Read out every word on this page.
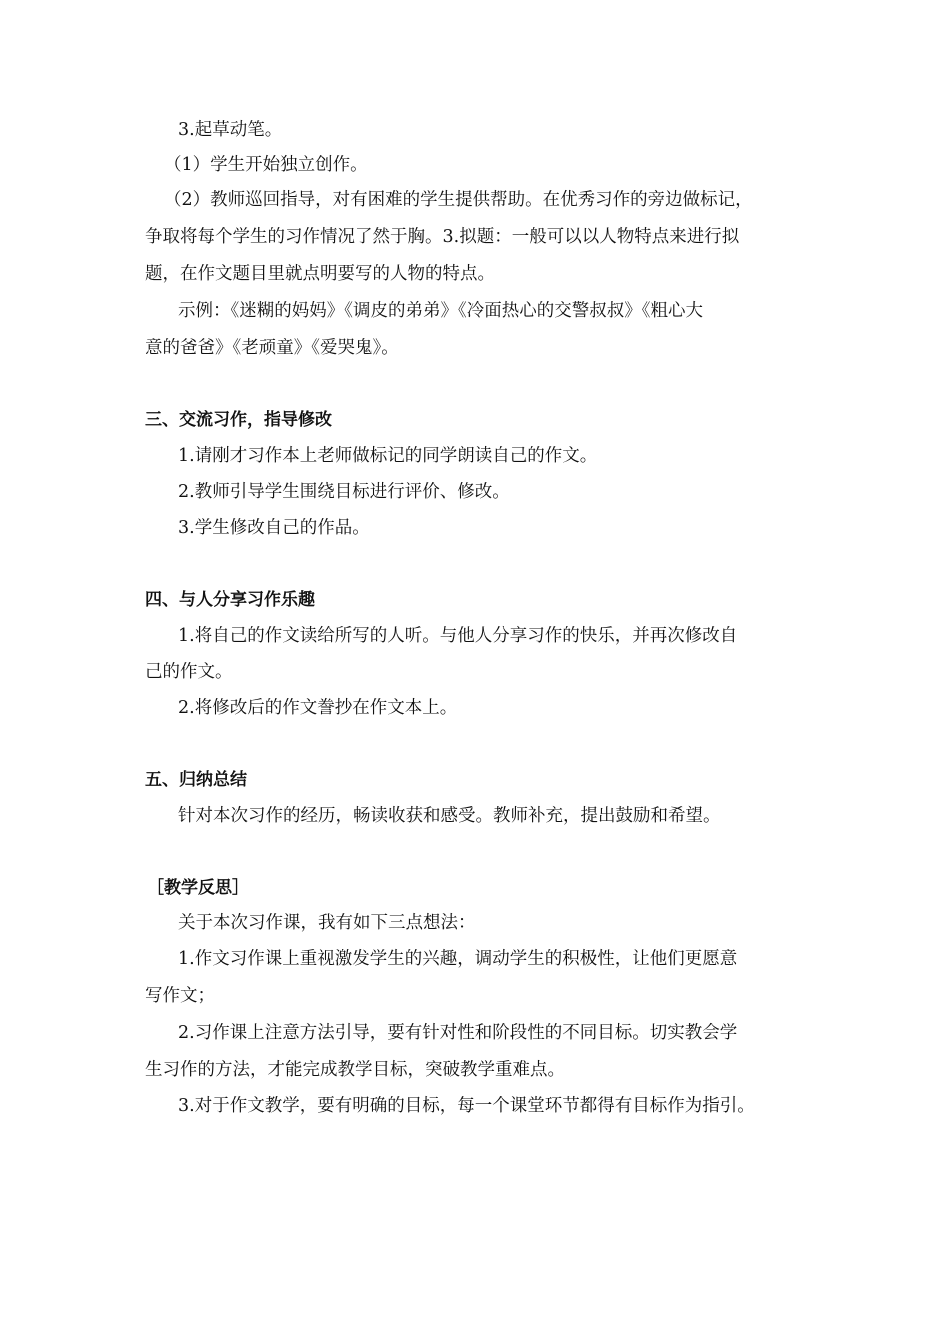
3.起草动笔。
（1）学生开始独立创作。
（2）教师巡回指导，对有困难的学生提供帮助。在优秀习作的旁边做标记，
争取将每个学生的习作情况了然于胸。3.拟题：一般可以以人物特点来进行拟
题，在作文题目里就点明要写的人物的特点。
示例：《迷糊的妈妈》《调皮的弟弟》《冷面热心的交警叔叔》《粗心大
意的爸爸》《老顽童》《爱哭鬼》。
三、交流习作，指导修改
1.请刚才习作本上老师做标记的同学朗读自己的作文。
2.教师引导学生围绕目标进行评价、修改。
3.学生修改自己的作品。
四、与人分享习作乐趣
1.将自己的作文读给所写的人听。与他人分享习作的快乐，并再次修改自
己的作文。
2.将修改后的作文誊抄在作文本上。
五、归纳总结
针对本次习作的经历，畅读收获和感受。教师补充，提出鼓励和希望。
［教学反思］
关于本次习作课，我有如下三点想法：
1.作文习作课上重视激发学生的兴趣，调动学生的积极性，让他们更愿意
写作文；
2.习作课上注意方法引导，要有针对性和阶段性的不同目标。切实教会学
生习作的方法，才能完成教学目标，突破教学重难点。
3.对于作文教学，要有明确的目标，每一个课堂环节都得有目标作为指引。
